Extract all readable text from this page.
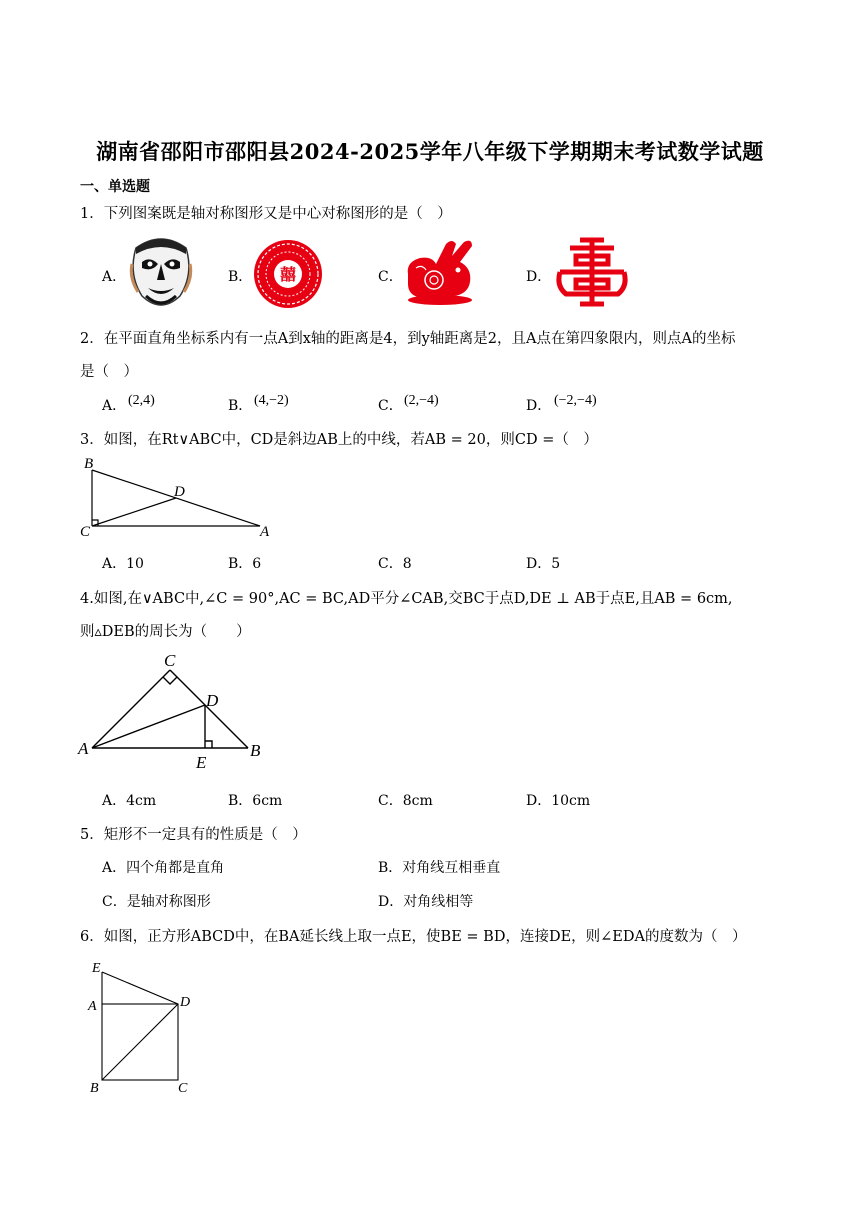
湖南省邵阳市邵阳县2024-2025学年八年级下学期期末考试数学试题
一、单选题
1．下列图案既是轴对称图形又是中心对称图形的是（　）
A．	B． 囍	C．	D．
2．在平面直角坐标系内有一点A到x轴的距离是4，到y轴距离是2，且A点在第四象限内，则点A的坐标
是（　）
A． (2,4)	B． (4,−2)	C． (2,−4)	D． (−2,−4)
3．如图，在Rt∨ABC中，CD是斜边AB上的中线，若AB = 20，则CD =（　）
B
D
C	A
A．10	B．6	C．8	D．5
4.如图,在∨ABC中,∠C = 90°,AC = BC,AD平分∠CAB,交BC于点D,DE ⊥ AB于点E,且AB = 6cm,
则▵DEB的周长为（　　）
C
D
A
E
B
A．4cm	B．6cm	C．8cm	D．10cm
5．矩形不一定具有的性质是（　）
A．四个角都是直角	B．对角线互相垂直
C．是轴对称图形	D．对角线相等
6．如图，正方形ABCD中，在BA延长线上取一点E，使BE = BD，连接DE，则∠EDA的度数为（　）
E
A	D
B	C
